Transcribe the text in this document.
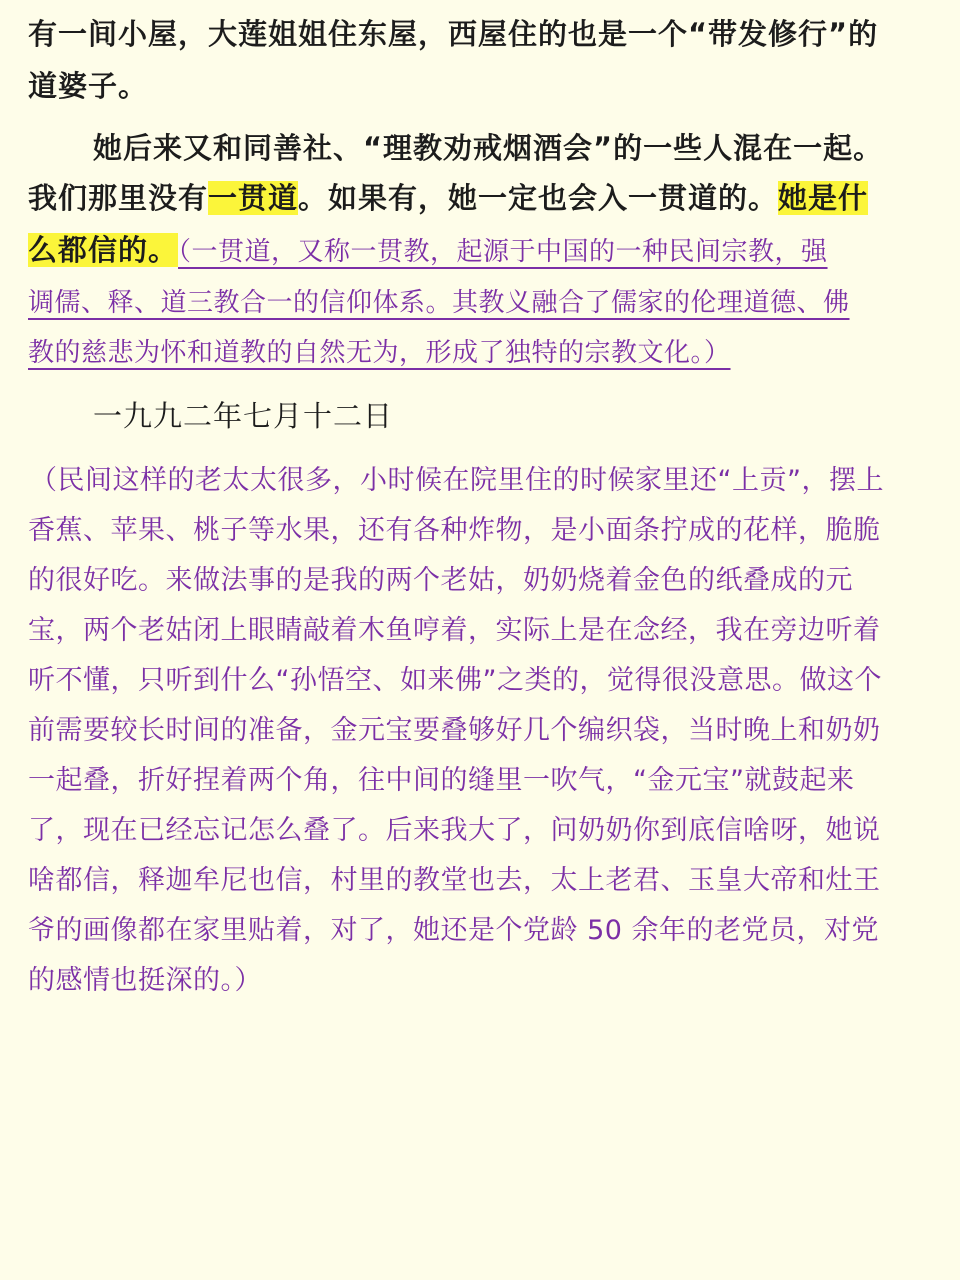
有一间小屋，大莲姐姐住东屋，西屋住的也是一个“带发修行”的
道婆子。
她后来又和同善社、“理教劝戒烟酒会”的一些人混在一起。
我们那里没有一贯道。如果有，她一定也会入一贯道的。她是什
么都信的。（一贯道，又称一贯教，起源于中国的一种民间宗教，强
调儒、释、道三教合一的信仰体系。其教义融合了儒家的伦理道德、佛
教的慈悲为怀和道教的自然无为，形成了独特的宗教文化。）
一九九二年七月十二日
（民间这样的老太太很多，小时候在院里住的时候家里还“上贡”，摆上
香蕉、苹果、桃子等水果，还有各种炸物，是小面条拧成的花样，脆脆
的很好吃。来做法事的是我的两个老姑，奶奶烧着金色的纸叠成的元
宝，两个老姑闭上眼睛敲着木鱼哼着，实际上是在念经，我在旁边听着
听不懂，只听到什么“孙悟空、如来佛”之类的，觉得很没意思。做这个
前需要较长时间的准备，金元宝要叠够好几个编织袋，当时晚上和奶奶
一起叠，折好捏着两个角，往中间的缝里一吹气，“金元宝”就鼓起来
了，现在已经忘记怎么叠了。后来我大了，问奶奶你到底信啥呀，她说
啥都信，释迦牟尼也信，村里的教堂也去，太上老君、玉皇大帝和灶王
爷的画像都在家里贴着，对了，她还是个党龄 50 余年的老党员，对党
的感情也挺深的。）
